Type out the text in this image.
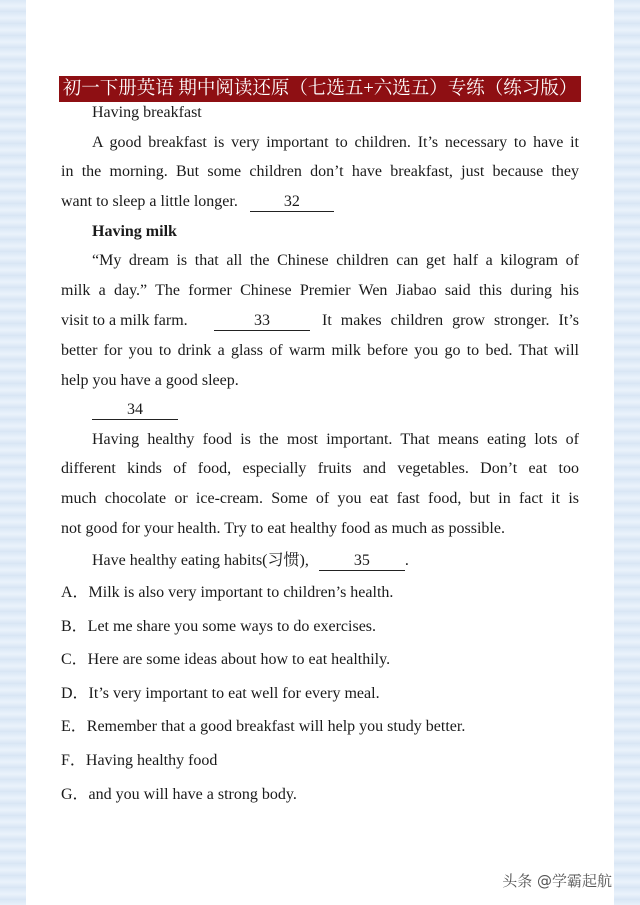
初一下册英语 期中阅读还原（七选五+六选五）专练（练习版）
Having breakfast
A good breakfast is very important to children. It’s necessary to have it
in the morning. But some children don’t have breakfast, just because they
want to sleep a little longer.	32
Having milk
“My dream is that all the Chinese children can get half a kilogram of
milk a day.” The former Chinese Premier Wen Jiabao said this during his
visit to a milk farm.	33	It makes children grow stronger. It’s
better for you to drink a glass of warm milk before you go to bed. That will
help you have a good sleep.
34
Having healthy food is the most important. That means eating lots of
different kinds of food, especially fruits and vegetables. Don’t eat too
much chocolate or ice-cream. Some of you eat fast food, but in fact it is
not good for your health. Try to eat healthy food as much as possible.
Have healthy eating habits(习惯),	35 .
A．Milk is also very important to children’s health.
B．Let me share you some ways to do exercises.
C．Here are some ideas about how to eat healthily.
D．It’s very important to eat well for every meal.
E．Remember that a good breakfast will help you study better.
F．Having healthy food
G．and you will have a strong body.
头条 @学霸起航
